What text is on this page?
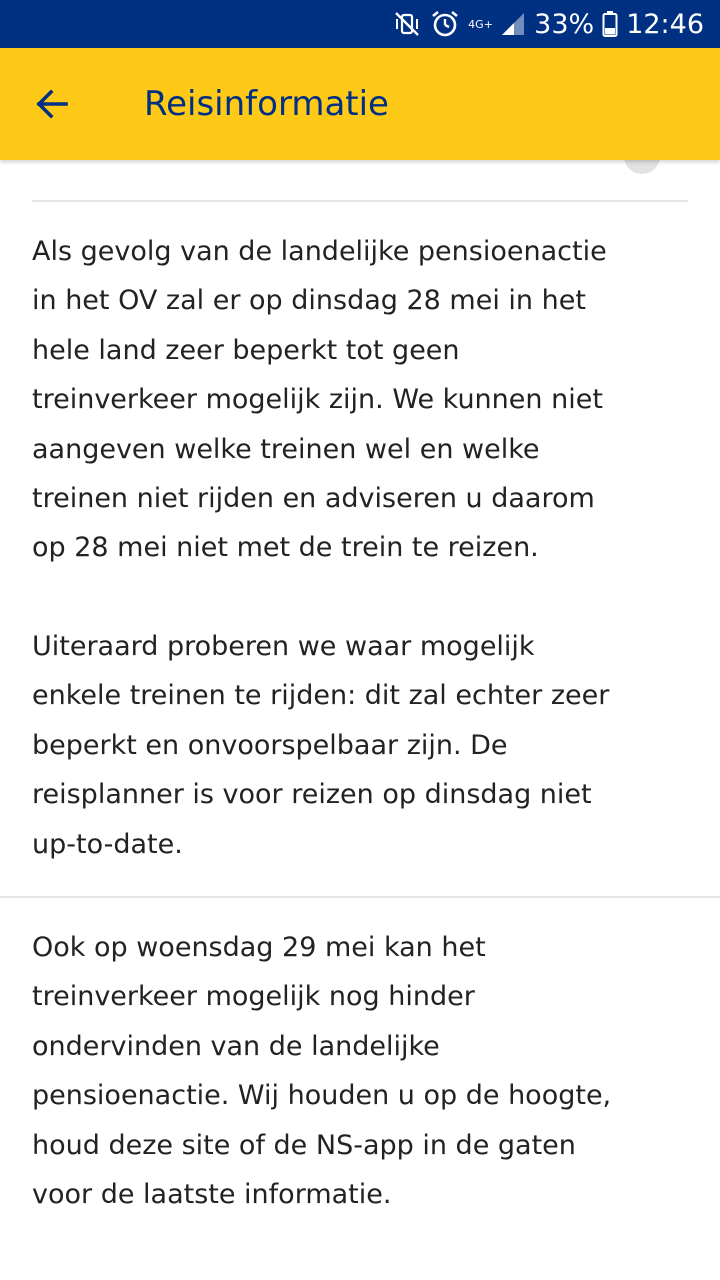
4G+ 33% 12:46
Reisinformatie

Als gevolg van de landelijke pensioenactie
in het OV zal er op dinsdag 28 mei in het
hele land zeer beperkt tot geen
treinverkeer mogelijk zijn. We kunnen niet
aangeven welke treinen wel en welke
treinen niet rijden en adviseren u daarom
op 28 mei niet met de trein te reizen.

Uiteraard proberen we waar mogelijk
enkele treinen te rijden: dit zal echter zeer
beperkt en onvoorspelbaar zijn. De
reisplanner is voor reizen op dinsdag niet
up-to-date.

Ook op woensdag 29 mei kan het
treinverkeer mogelijk nog hinder
ondervinden van de landelijke
pensioenactie. Wij houden u op de hoogte,
houd deze site of de NS-app in de gaten
voor de laatste informatie.
